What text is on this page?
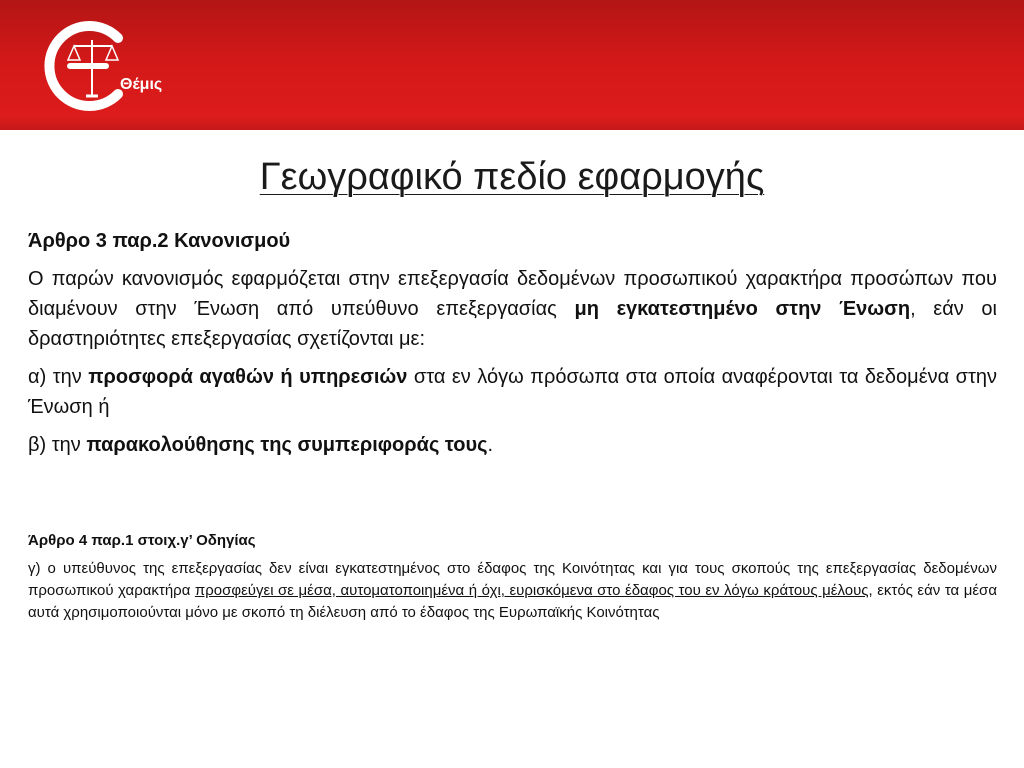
Θέμις
Γεωγραφικό πεδίο εφαρμογής

Άρθρο 3 παρ.2 Κανονισμού

Ο παρών κανονισμός εφαρμόζεται στην επεξεργασία δεδομένων προσωπικού χαρακτήρα προσώπων που διαμένουν στην Ένωση από υπεύθυνο επεξεργασίας μη εγκατεστημένο στην Ένωση, εάν οι δραστηριότητες επεξεργασίας σχετίζονται με:

α) την προσφορά αγαθών ή υπηρεσιών στα εν λόγω πρόσωπα στα οποία αναφέρονται τα δεδομένα στην Ένωση ή

β) την παρακολούθησης της συμπεριφοράς τους.

Άρθρο 4 παρ.1 στοιχ.γ’ Οδηγίας

γ) ο υπεύθυνος της επεξεργασίας δεν είναι εγκατεστημένος στο έδαφος της Κοινότητας και για τους σκοπούς της επεξεργασίας δεδομένων προσωπικού χαρακτήρα προσφεύγει σε μέσα, αυτοματοποιημένα ή όχι, ευρισκόμενα στο έδαφος του εν λόγω κράτους μέλους, εκτός εάν τα μέσα αυτά χρησιμοποιούνται μόνο με σκοπό τη διέλευση από το έδαφος της Ευρωπαϊκής Κοινότητας
